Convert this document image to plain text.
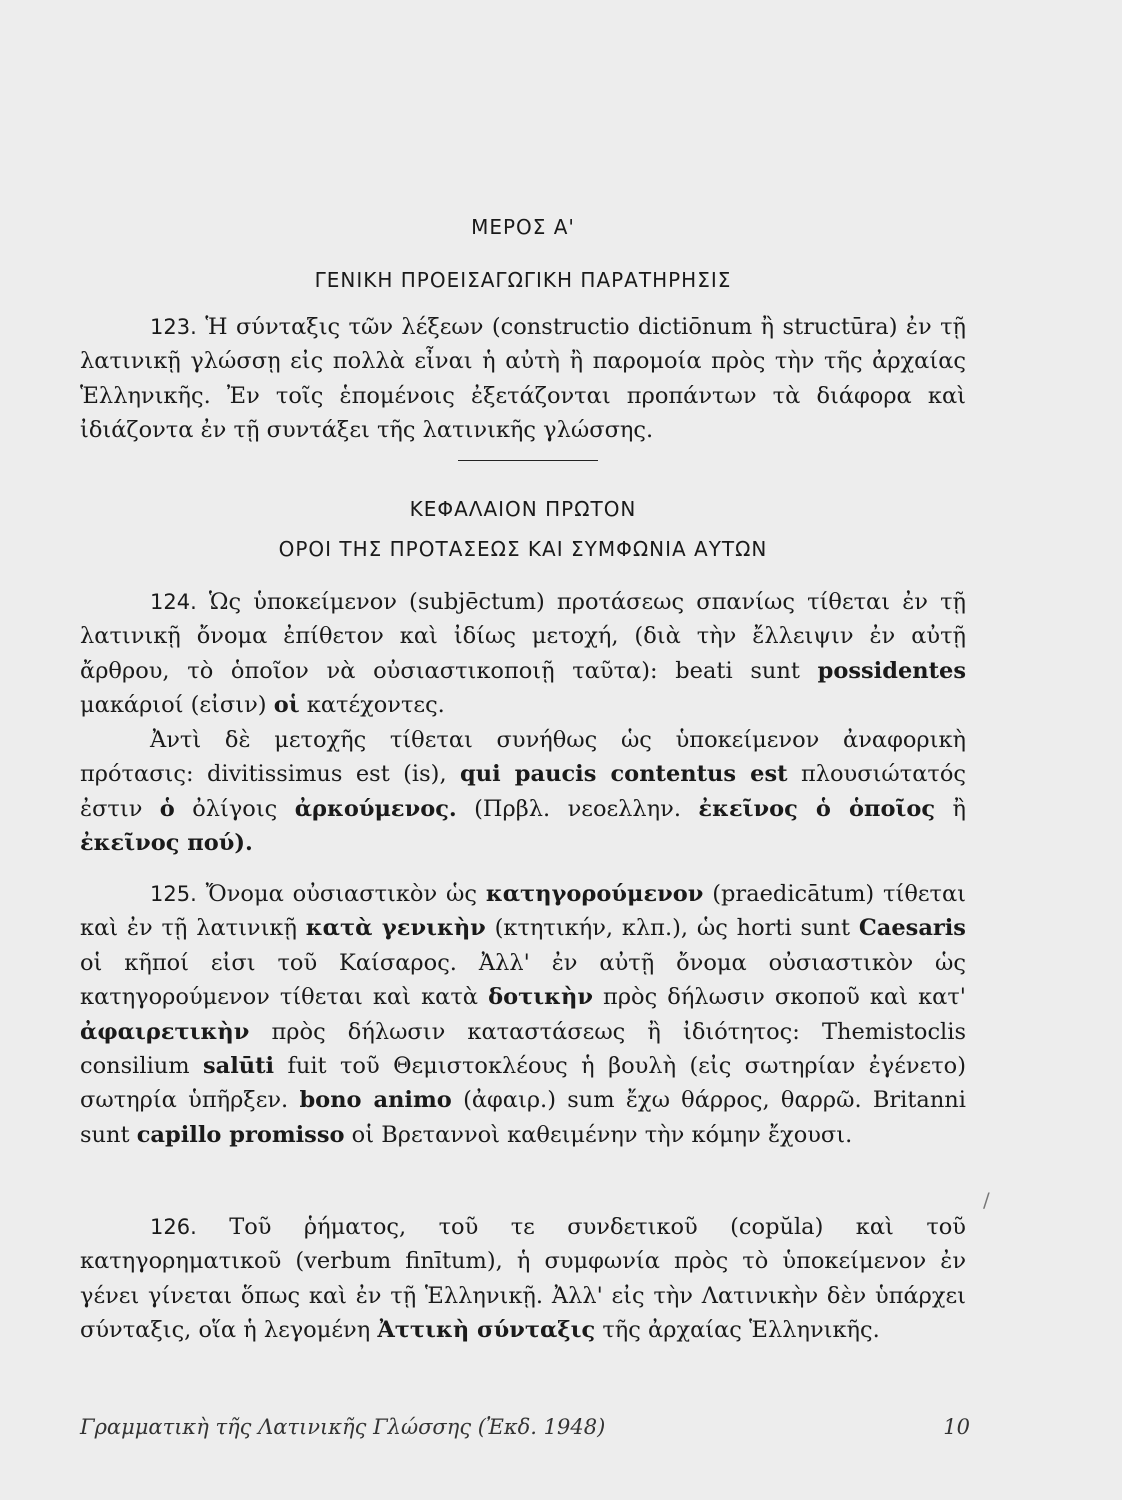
ΜΕΡΟΣ Α'
ΓΕΝΙΚΗ ΠΡΟΕΙΣΑΓΩΓΙΚΗ ΠΑΡΑΤΗΡΗΣΙΣ

123. Ἡ σύνταξις τῶν λέξεων (constructio dictiōnum ἢ structūra) ἐν τῇ λατινικῇ γλώσσῃ εἰς πολλὰ εἶναι ἡ αὐτὴ ἢ παρομοία πρὸς τὴν τῆς ἀρχαίας Ἑλληνικῆς. Ἐν τοῖς ἑπομένοις ἐξετάζονται προπάντων τὰ διάφορα καὶ ἰδιάζοντα ἐν τῇ συντάξει τῆς λατινικῆς γλώσσης.

ΚΕΦΑΛΑΙΟΝ ΠΡΩΤΟΝ
ΟΡΟΙ ΤΗΣ ΠΡΟΤΑΣΕΩΣ ΚΑΙ ΣΥΜΦΩΝΙΑ ΑΥΤΩΝ

124. Ὡς ὑποκείμενον (subjēctum) προτάσεως σπανίως τίθεται ἐν τῇ λατινικῇ ὄνομα ἐπίθετον καὶ ἰδίως μετοχή, (διὰ τὴν ἔλλειψιν ἐν αὐτῇ ἄρθρου, τὸ ὁποῖον νὰ οὐσιαστικοποιῇ ταῦτα): beati sunt possidentes μακάριοί (εἰσιν) οἱ κατέχοντες.

Ἀντὶ δὲ μετοχῆς τίθεται συνήθως ὡς ὑποκείμενον ἀναφορικὴ πρότασις: divitissimus est (is), qui paucis contentus est πλουσιώτατός ἐστιν ὁ ὀλίγοις ἀρκούμενος. (Πρβλ. νεοελλην. ἐκεῖνος ὁ ὁποῖος ἢ ἐκεῖνος πού).

125. Ὄνομα οὐσιαστικὸν ὡς κατηγορούμενον (praedicātum) τίθεται καὶ ἐν τῇ λατινικῇ κατὰ γενικὴν (κτητικήν, κλπ.), ὡς horti sunt Caesaris οἱ κῆποί εἰσι τοῦ Καίσαρος. Ἀλλ' ἐν αὐτῇ ὄνομα οὐσιαστικὸν ὡς κατηγορούμενον τίθεται καὶ κατὰ δοτικὴν πρὸς δήλωσιν σκοποῦ καὶ κατ' ἀφαιρετικὴν πρὸς δήλωσιν καταστάσεως ἢ ἰδιότητος: Themistoclis consilium salūti fuit τοῦ Θεμιστοκλέους ἡ βουλὴ (εἰς σωτηρίαν ἐγένετο) σωτηρία ὑπῆρξεν. bono animo (ἀφαιρ.) sum ἔχω θάρρος, θαρρῶ. Britanni sunt capillo promisso οἱ Βρεταννοὶ καθειμένην τὴν κόμην ἔχουσι.

/

126. Τοῦ ῥήματος, τοῦ τε συνδετικοῦ (copŭla) καὶ τοῦ κατηγορηματικοῦ (verbum finītum), ἡ συμφωνία πρὸς τὸ ὑποκείμενον ἐν γένει γίνεται ὅπως καὶ ἐν τῇ Ἑλληνικῇ. Ἀλλ' εἰς τὴν Λατινικὴν δὲν ὑπάρχει σύνταξις, οἵα ἡ λεγομένη Ἀττικὴ σύνταξις τῆς ἀρχαίας Ἑλληνικῆς.

Γραμματικὴ τῆς Λατινικῆς Γλώσσης (Ἐκδ. 1948)	10
